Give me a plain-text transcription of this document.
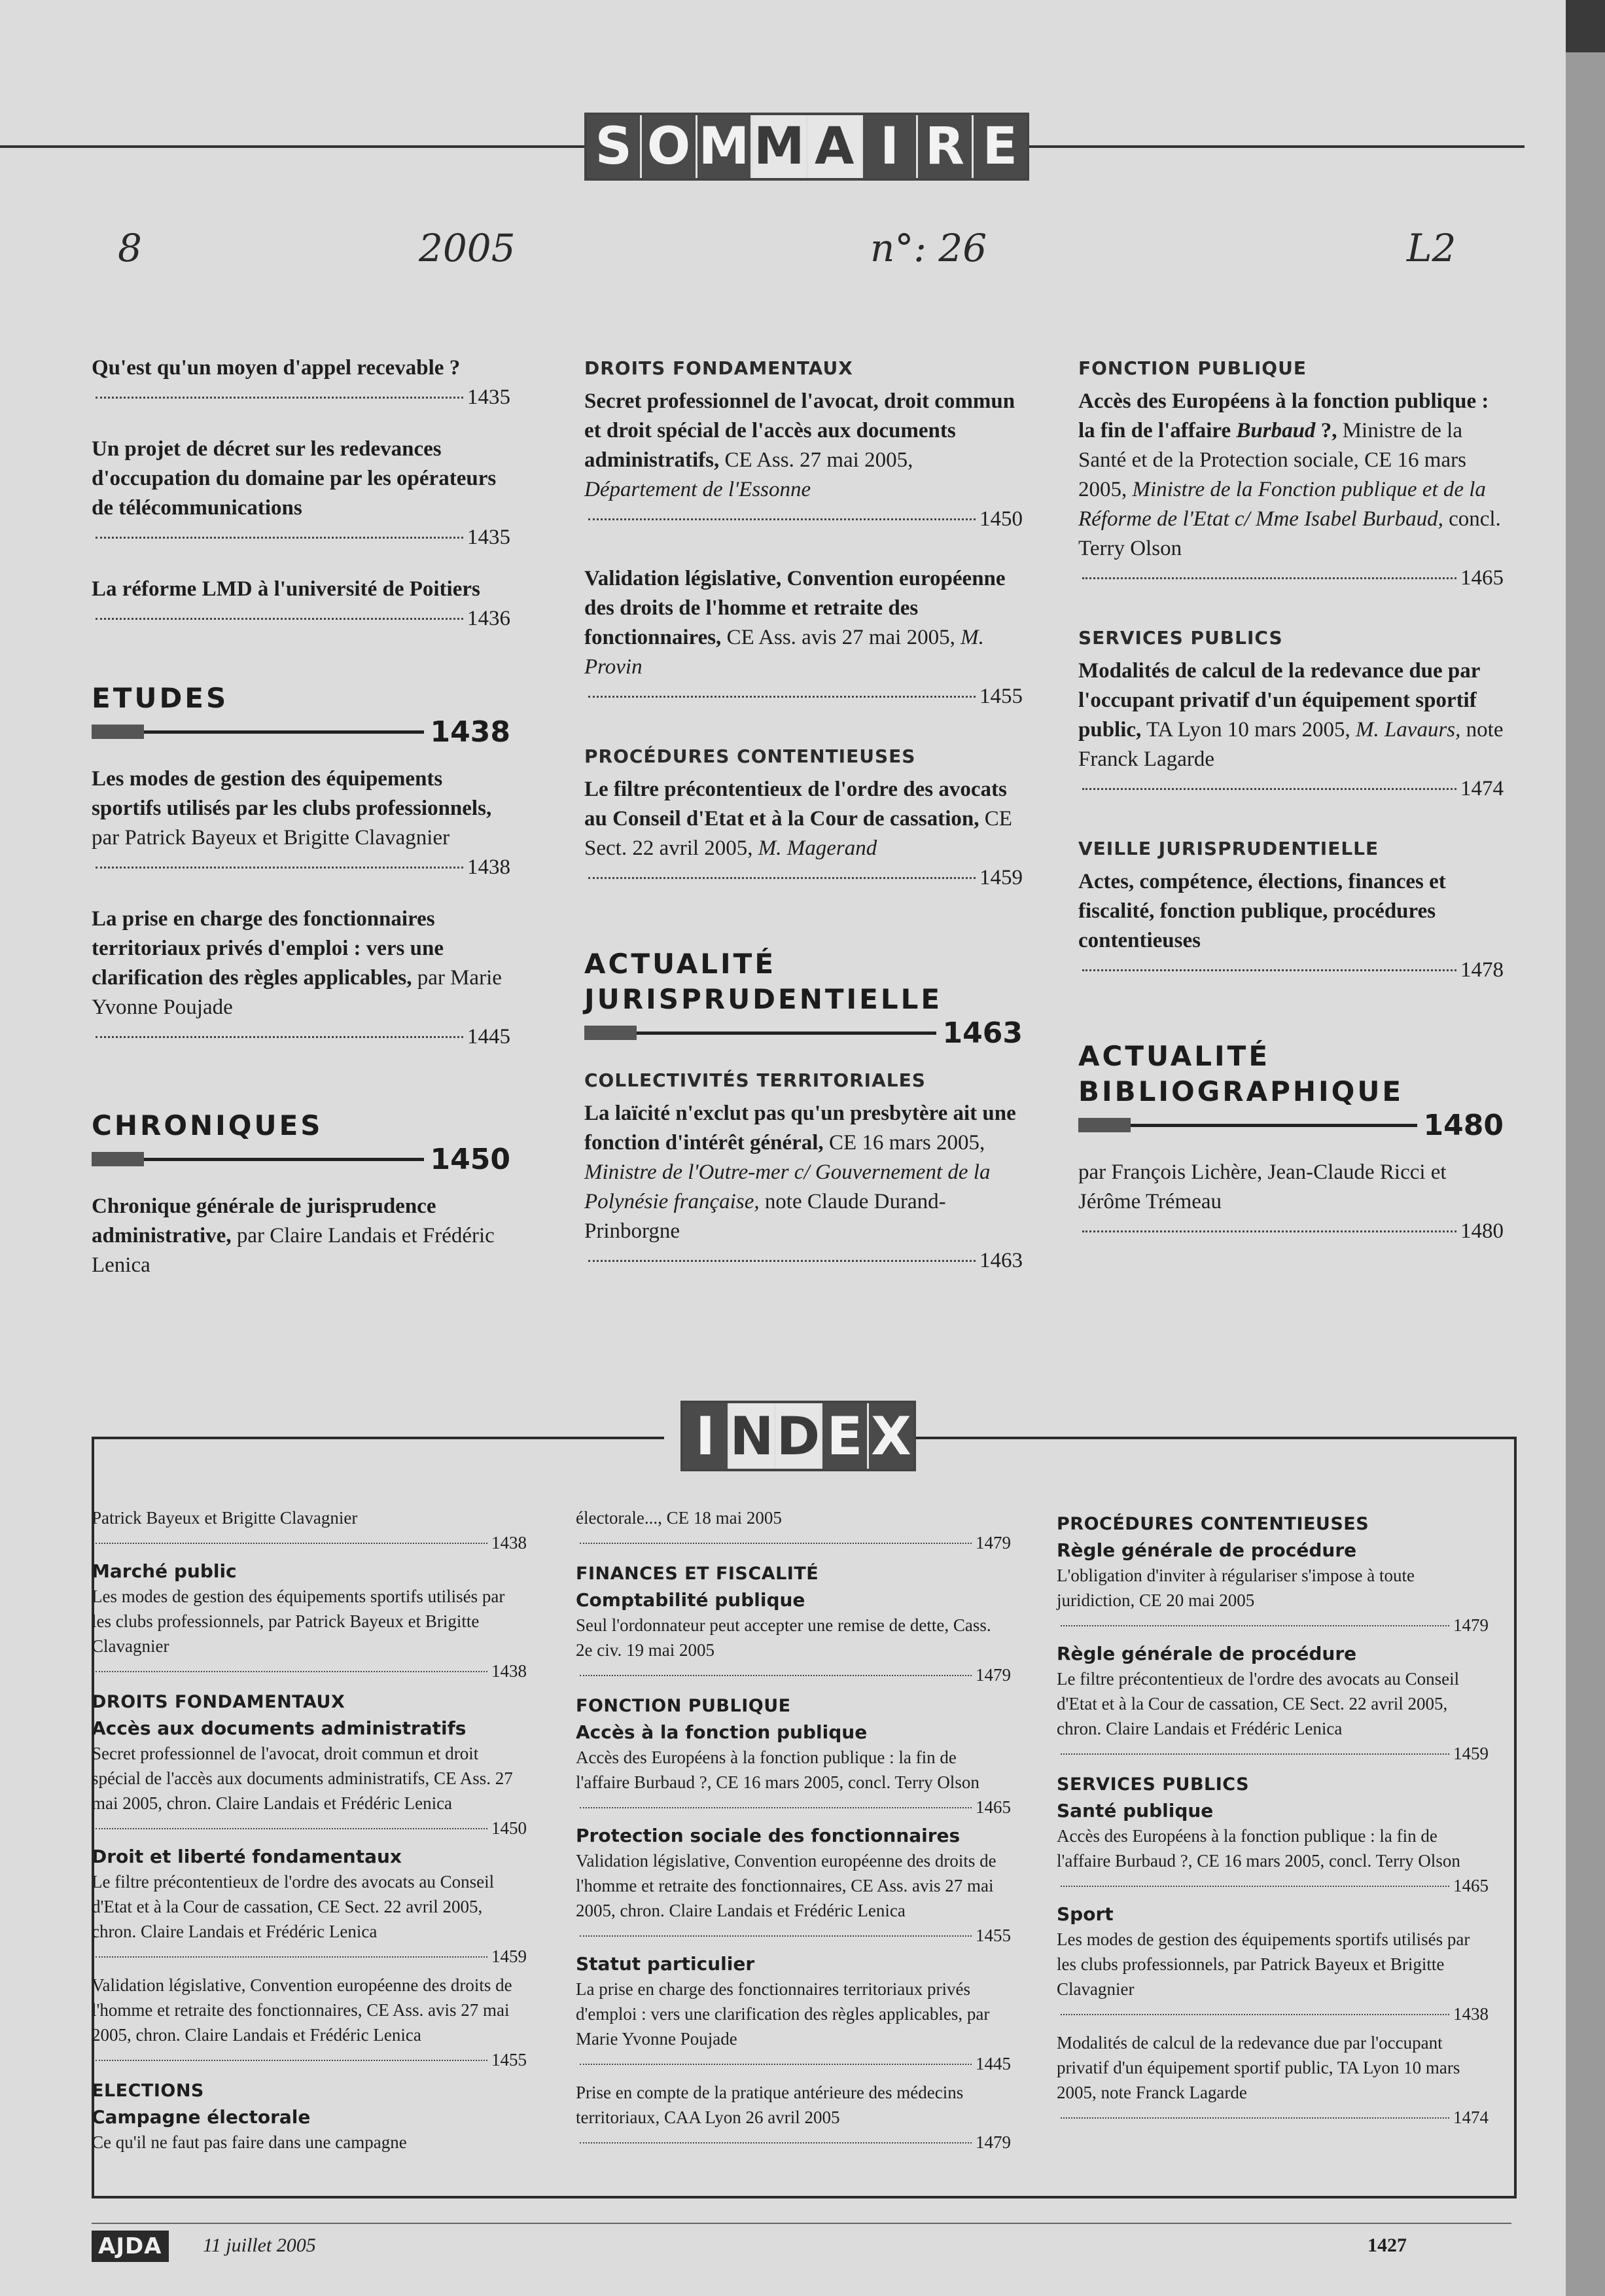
S O M M A I R E
8	2005	n°: 26	L2
Qu'est qu'un moyen d'appel recevable ?
1435
Un projet de décret sur les redevances d'occupation du domaine par les opérateurs de télécommunications
1435
La réforme LMD à l'université de Poitiers
1436
ETUDES
1438
Les modes de gestion des équipements sportifs utilisés par les clubs professionnels, par Patrick Bayeux et Brigitte Clavagnier
1438
La prise en charge des fonctionnaires territoriaux privés d'emploi : vers une clarification des règles applicables, par Marie Yvonne Poujade
1445
CHRONIQUES
1450
Chronique générale de jurisprudence administrative, par Claire Landais et Frédéric Lenica
DROITS FONDAMENTAUX
Secret professionnel de l'avocat, droit commun et droit spécial de l'accès aux documents administratifs, CE Ass. 27 mai 2005, Département de l'Essonne
1450
Validation législative, Convention européenne des droits de l'homme et retraite des fonctionnaires, CE Ass. avis 27 mai 2005, M. Provin
1455
PROCÉDURES CONTENTIEUSES
Le filtre précontentieux de l'ordre des avocats au Conseil d'Etat et à la Cour de cassation, CE Sect. 22 avril 2005, M. Magerand
1459
ACTUALITÉ
JURISPRUDENTIELLE
1463
COLLECTIVITÉS TERRITORIALES
La laïcité n'exclut pas qu'un presbytère ait une fonction d'intérêt général, CE 16 mars 2005, Ministre de l'Outre-mer c/ Gouvernement de la Polynésie française, note Claude Durand-Prinborgne
1463
FONCTION PUBLIQUE
Accès des Européens à la fonction publique : la fin de l'affaire Burbaud ?, Ministre de la Santé et de la Protection sociale, CE 16 mars 2005, Ministre de la Fonction publique et de la Réforme de l'Etat c/ Mme Isabel Burbaud, concl. Terry Olson
1465
SERVICES PUBLICS
Modalités de calcul de la redevance due par l'occupant privatif d'un équipement sportif public, TA Lyon 10 mars 2005, M. Lavaurs, note Franck Lagarde
1474
VEILLE JURISPRUDENTIELLE
Actes, compétence, élections, finances et fiscalité, fonction publique, procédures contentieuses
1478
ACTUALITÉ
BIBLIOGRAPHIQUE
1480
par François Lichère, Jean-Claude Ricci et Jérôme Trémeau
1480
I N D E X
Patrick Bayeux et Brigitte Clavagnier
1438
Marché public
Les modes de gestion des équipements sportifs utilisés par les clubs professionnels, par Patrick Bayeux et Brigitte Clavagnier
1438
DROITS FONDAMENTAUX
Accès aux documents administratifs
Secret professionnel de l'avocat, droit commun et droit spécial de l'accès aux documents administratifs, CE Ass. 27 mai 2005, chron. Claire Landais et Frédéric Lenica
1450
Droit et liberté fondamentaux
Le filtre précontentieux de l'ordre des avocats au Conseil d'Etat et à la Cour de cassation, CE Sect. 22 avril 2005, chron. Claire Landais et Frédéric Lenica
1459
Validation législative, Convention européenne des droits de l'homme et retraite des fonctionnaires, CE Ass. avis 27 mai 2005, chron. Claire Landais et Frédéric Lenica
1455
ELECTIONS
Campagne électorale
Ce qu'il ne faut pas faire dans une campagne
électorale..., CE 18 mai 2005
1479
FINANCES ET FISCALITÉ
Comptabilité publique
Seul l'ordonnateur peut accepter une remise de dette, Cass. 2e civ. 19 mai 2005
1479
FONCTION PUBLIQUE
Accès à la fonction publique
Accès des Européens à la fonction publique : la fin de l'affaire Burbaud ?, CE 16 mars 2005, concl. Terry Olson
1465
Protection sociale des fonctionnaires
Validation législative, Convention européenne des droits de l'homme et retraite des fonctionnaires, CE Ass. avis 27 mai 2005, chron. Claire Landais et Frédéric Lenica
1455
Statut particulier
La prise en charge des fonctionnaires territoriaux privés d'emploi : vers une clarification des règles applicables, par Marie Yvonne Poujade
1445
Prise en compte de la pratique antérieure des médecins territoriaux, CAA Lyon 26 avril 2005
1479
PROCÉDURES CONTENTIEUSES
Règle générale de procédure
L'obligation d'inviter à régulariser s'impose à toute juridiction, CE 20 mai 2005
1479
Règle générale de procédure
Le filtre précontentieux de l'ordre des avocats au Conseil d'Etat et à la Cour de cassation, CE Sect. 22 avril 2005, chron. Claire Landais et Frédéric Lenica
1459
SERVICES PUBLICS
Santé publique
Accès des Européens à la fonction publique : la fin de l'affaire Burbaud ?, CE 16 mars 2005, concl. Terry Olson
1465
Sport
Les modes de gestion des équipements sportifs utilisés par les clubs professionnels, par Patrick Bayeux et Brigitte Clavagnier
1438
Modalités de calcul de la redevance due par l'occupant privatif d'un équipement sportif public, TA Lyon 10 mars 2005, note Franck Lagarde
1474
AJDA	11 juillet 2005	1427
